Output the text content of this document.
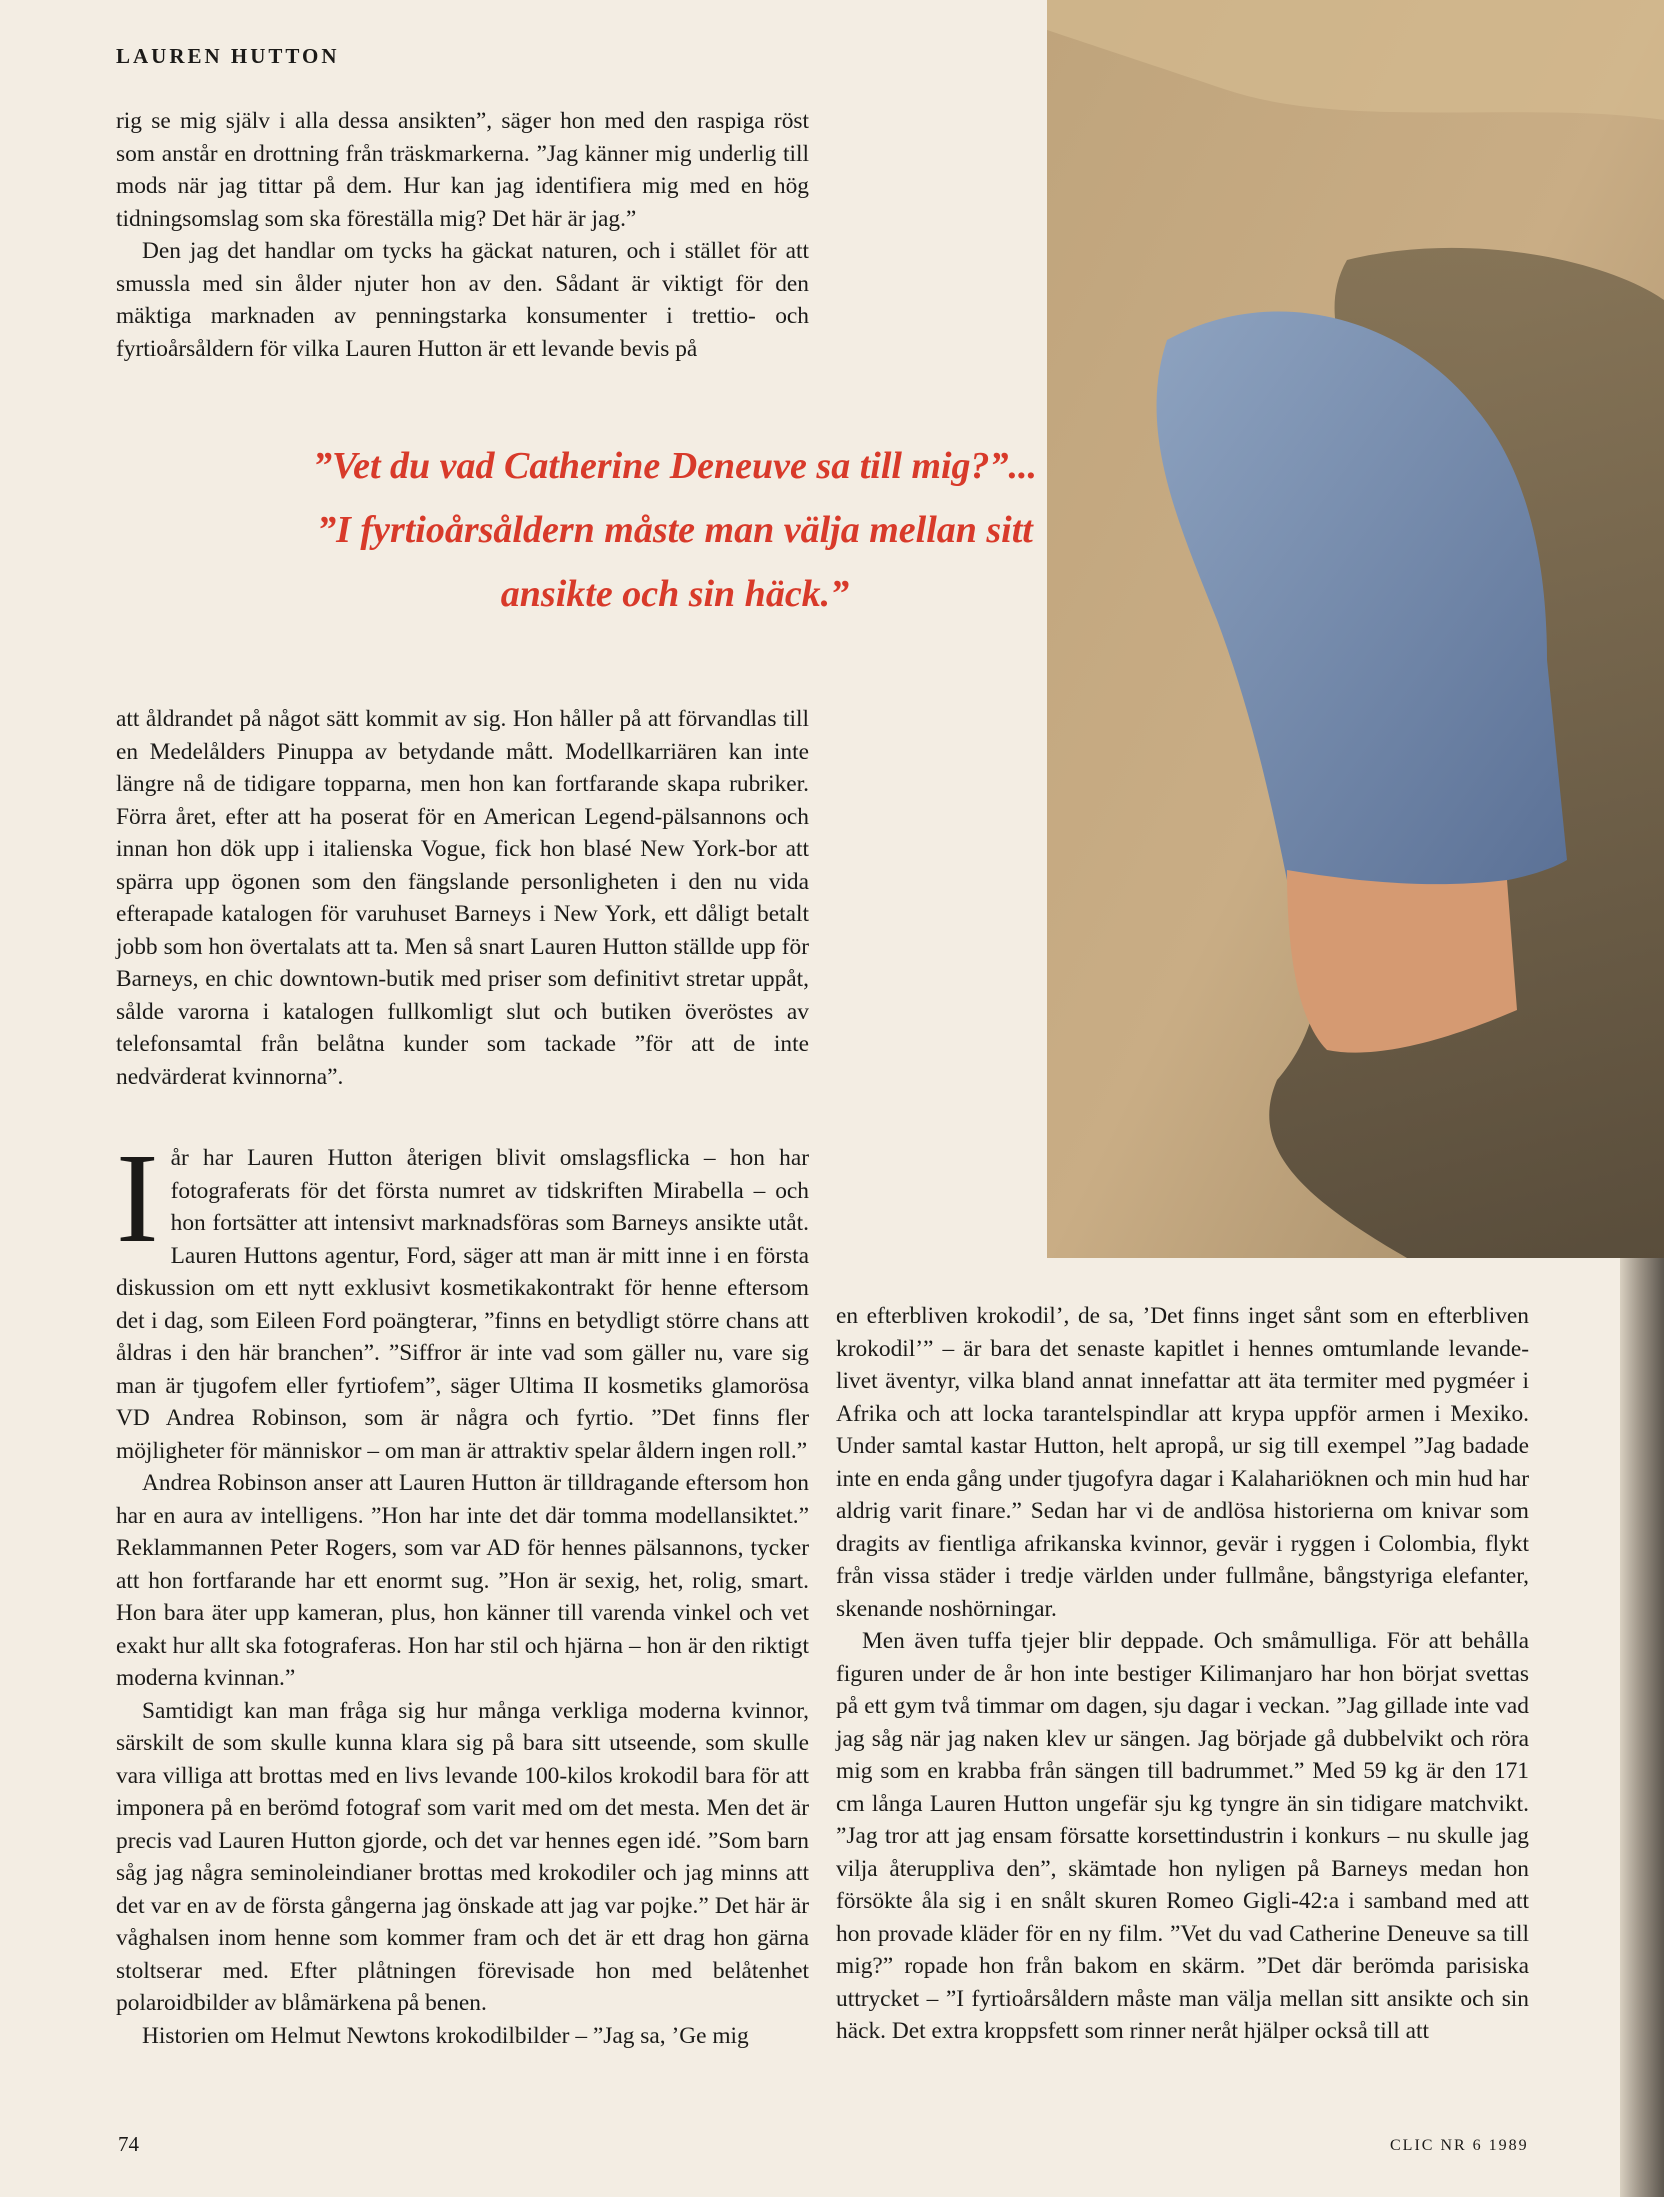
LAUREN HUTTON

rig se mig själv i alla dessa ansikten”, säger hon med den raspiga röst som anstår en drottning från träskmarkerna. ”Jag känner mig underlig till mods när jag tittar på dem. Hur kan jag identifiera mig med en hög tidningsomslag som ska föreställa mig? Det här är jag.”

Den jag det handlar om tycks ha gäckat naturen, och i stället för att smussla med sin ålder njuter hon av den. Sådant är viktigt för den mäktiga marknaden av penningstarka konsumenter i trettio- och fyrtioårsåldern för vilka Lauren Hutton är ett levande bevis på

”Vet du vad Catherine Deneuve sa till mig?”... ”I fyrtioårsåldern måste man välja mellan sitt ansikte och sin häck.”

att åldrandet på något sätt kommit av sig. Hon håller på att förvandlas till en Medelålders Pinuppa av betydande mått. Modellkarriären kan inte längre nå de tidigare topparna, men hon kan fortfarande skapa rubriker. Förra året, efter att ha poserat för en American Legend-pälsannons och innan hon dök upp i italienska Vogue, fick hon blasé New York-bor att spärra upp ögonen som den fängslande personligheten i den nu vida efterapade katalogen för varuhuset Barneys i New York, ett dåligt betalt jobb som hon övertalats att ta. Men så snart Lauren Hutton ställde upp för Barneys, en chic downtown-butik med priser som definitivt stretar uppåt, sålde varorna i katalogen fullkomligt slut och butiken överöstes av telefonsamtal från belåtna kunder som tackade ”för att de inte nedvärderat kvinnorna”.

I år har Lauren Hutton återigen blivit omslagsflicka – hon har fotograferats för det första numret av tidskriften Mirabella – och hon fortsätter att intensivt marknadsföras som Barneys ansikte utåt. Lauren Huttons agentur, Ford, säger att man är mitt inne i en första diskussion om ett nytt exklusivt kosmetikakontrakt för henne eftersom det i dag, som Eileen Ford poängterar, ”finns en betydligt större chans att åldras i den här branchen”. ”Siffror är inte vad som gäller nu, vare sig man är tjugofem eller fyrtiofem”, säger Ultima II kosmetiks glamorösa VD Andrea Robinson, som är några och fyrtio. ”Det finns fler möjligheter för människor – om man är attraktiv spelar åldern ingen roll.”

Andrea Robinson anser att Lauren Hutton är tilldragande eftersom hon har en aura av intelligens. ”Hon har inte det där tomma modellansiktet.” Reklammannen Peter Rogers, som var AD för hennes pälsannons, tycker att hon fortfarande har ett enormt sug. ”Hon är sexig, het, rolig, smart. Hon bara äter upp kameran, plus, hon känner till varenda vinkel och vet exakt hur allt ska fotograferas. Hon har stil och hjärna – hon är den riktigt moderna kvinnan.”

Samtidigt kan man fråga sig hur många verkliga moderna kvinnor, särskilt de som skulle kunna klara sig på bara sitt utseende, som skulle vara villiga att brottas med en livs levande 100-kilos krokodil bara för att imponera på en berömd fotograf som varit med om det mesta. Men det är precis vad Lauren Hutton gjorde, och det var hennes egen idé. ”Som barn såg jag några seminoleindianer brottas med krokodiler och jag minns att det var en av de första gångerna jag önskade att jag var pojke.” Det här är våghalsen inom henne som kommer fram och det är ett drag hon gärna stoltserar med. Efter plåtningen förevisade hon med belåtenhet polaroidbilder av blåmärkena på benen.

Historien om Helmut Newtons krokodilbilder – ”Jag sa, ’Ge mig

en efterbliven krokodil’, de sa, ’Det finns inget sånt som en efterbliven krokodil’” – är bara det senaste kapitlet i hennes omtumlande levande-livet äventyr, vilka bland annat innefattar att äta termiter med pygméer i Afrika och att locka tarantelspindlar att krypa uppför armen i Mexiko. Under samtal kastar Hutton, helt apropå, ur sig till exempel ”Jag badade inte en enda gång under tjugofyra dagar i Kalahariöknen och min hud har aldrig varit finare.” Sedan har vi de andlösa historierna om knivar som dragits av fientliga afrikanska kvinnor, gevär i ryggen i Colombia, flykt från vissa städer i tredje världen under fullmåne, bångstyriga elefanter, skenande noshörningar.

Men även tuffa tjejer blir deppade. Och småmulliga. För att behålla figuren under de år hon inte bestiger Kilimanjaro har hon börjat svettas på ett gym två timmar om dagen, sju dagar i veckan. ”Jag gillade inte vad jag såg när jag naken klev ur sängen. Jag började gå dubbelvikt och röra mig som en krabba från sängen till badrummet.” Med 59 kg är den 171 cm långa Lauren Hutton ungefär sju kg tyngre än sin tidigare matchvikt. ”Jag tror att jag ensam försatte korsettindustrin i konkurs – nu skulle jag vilja återuppliva den”, skämtade hon nyligen på Barneys medan hon försökte åla sig i en snålt skuren Romeo Gigli-42:a i samband med att hon provade kläder för en ny film. ”Vet du vad Catherine Deneuve sa till mig?” ropade hon från bakom en skärm. ”Det där berömda parisiska uttrycket – ”I fyrtioårsåldern måste man välja mellan sitt ansikte och sin häck. Det extra kroppsfett som rinner neråt hjälper också till att

74	CLIC NR 6 1989
